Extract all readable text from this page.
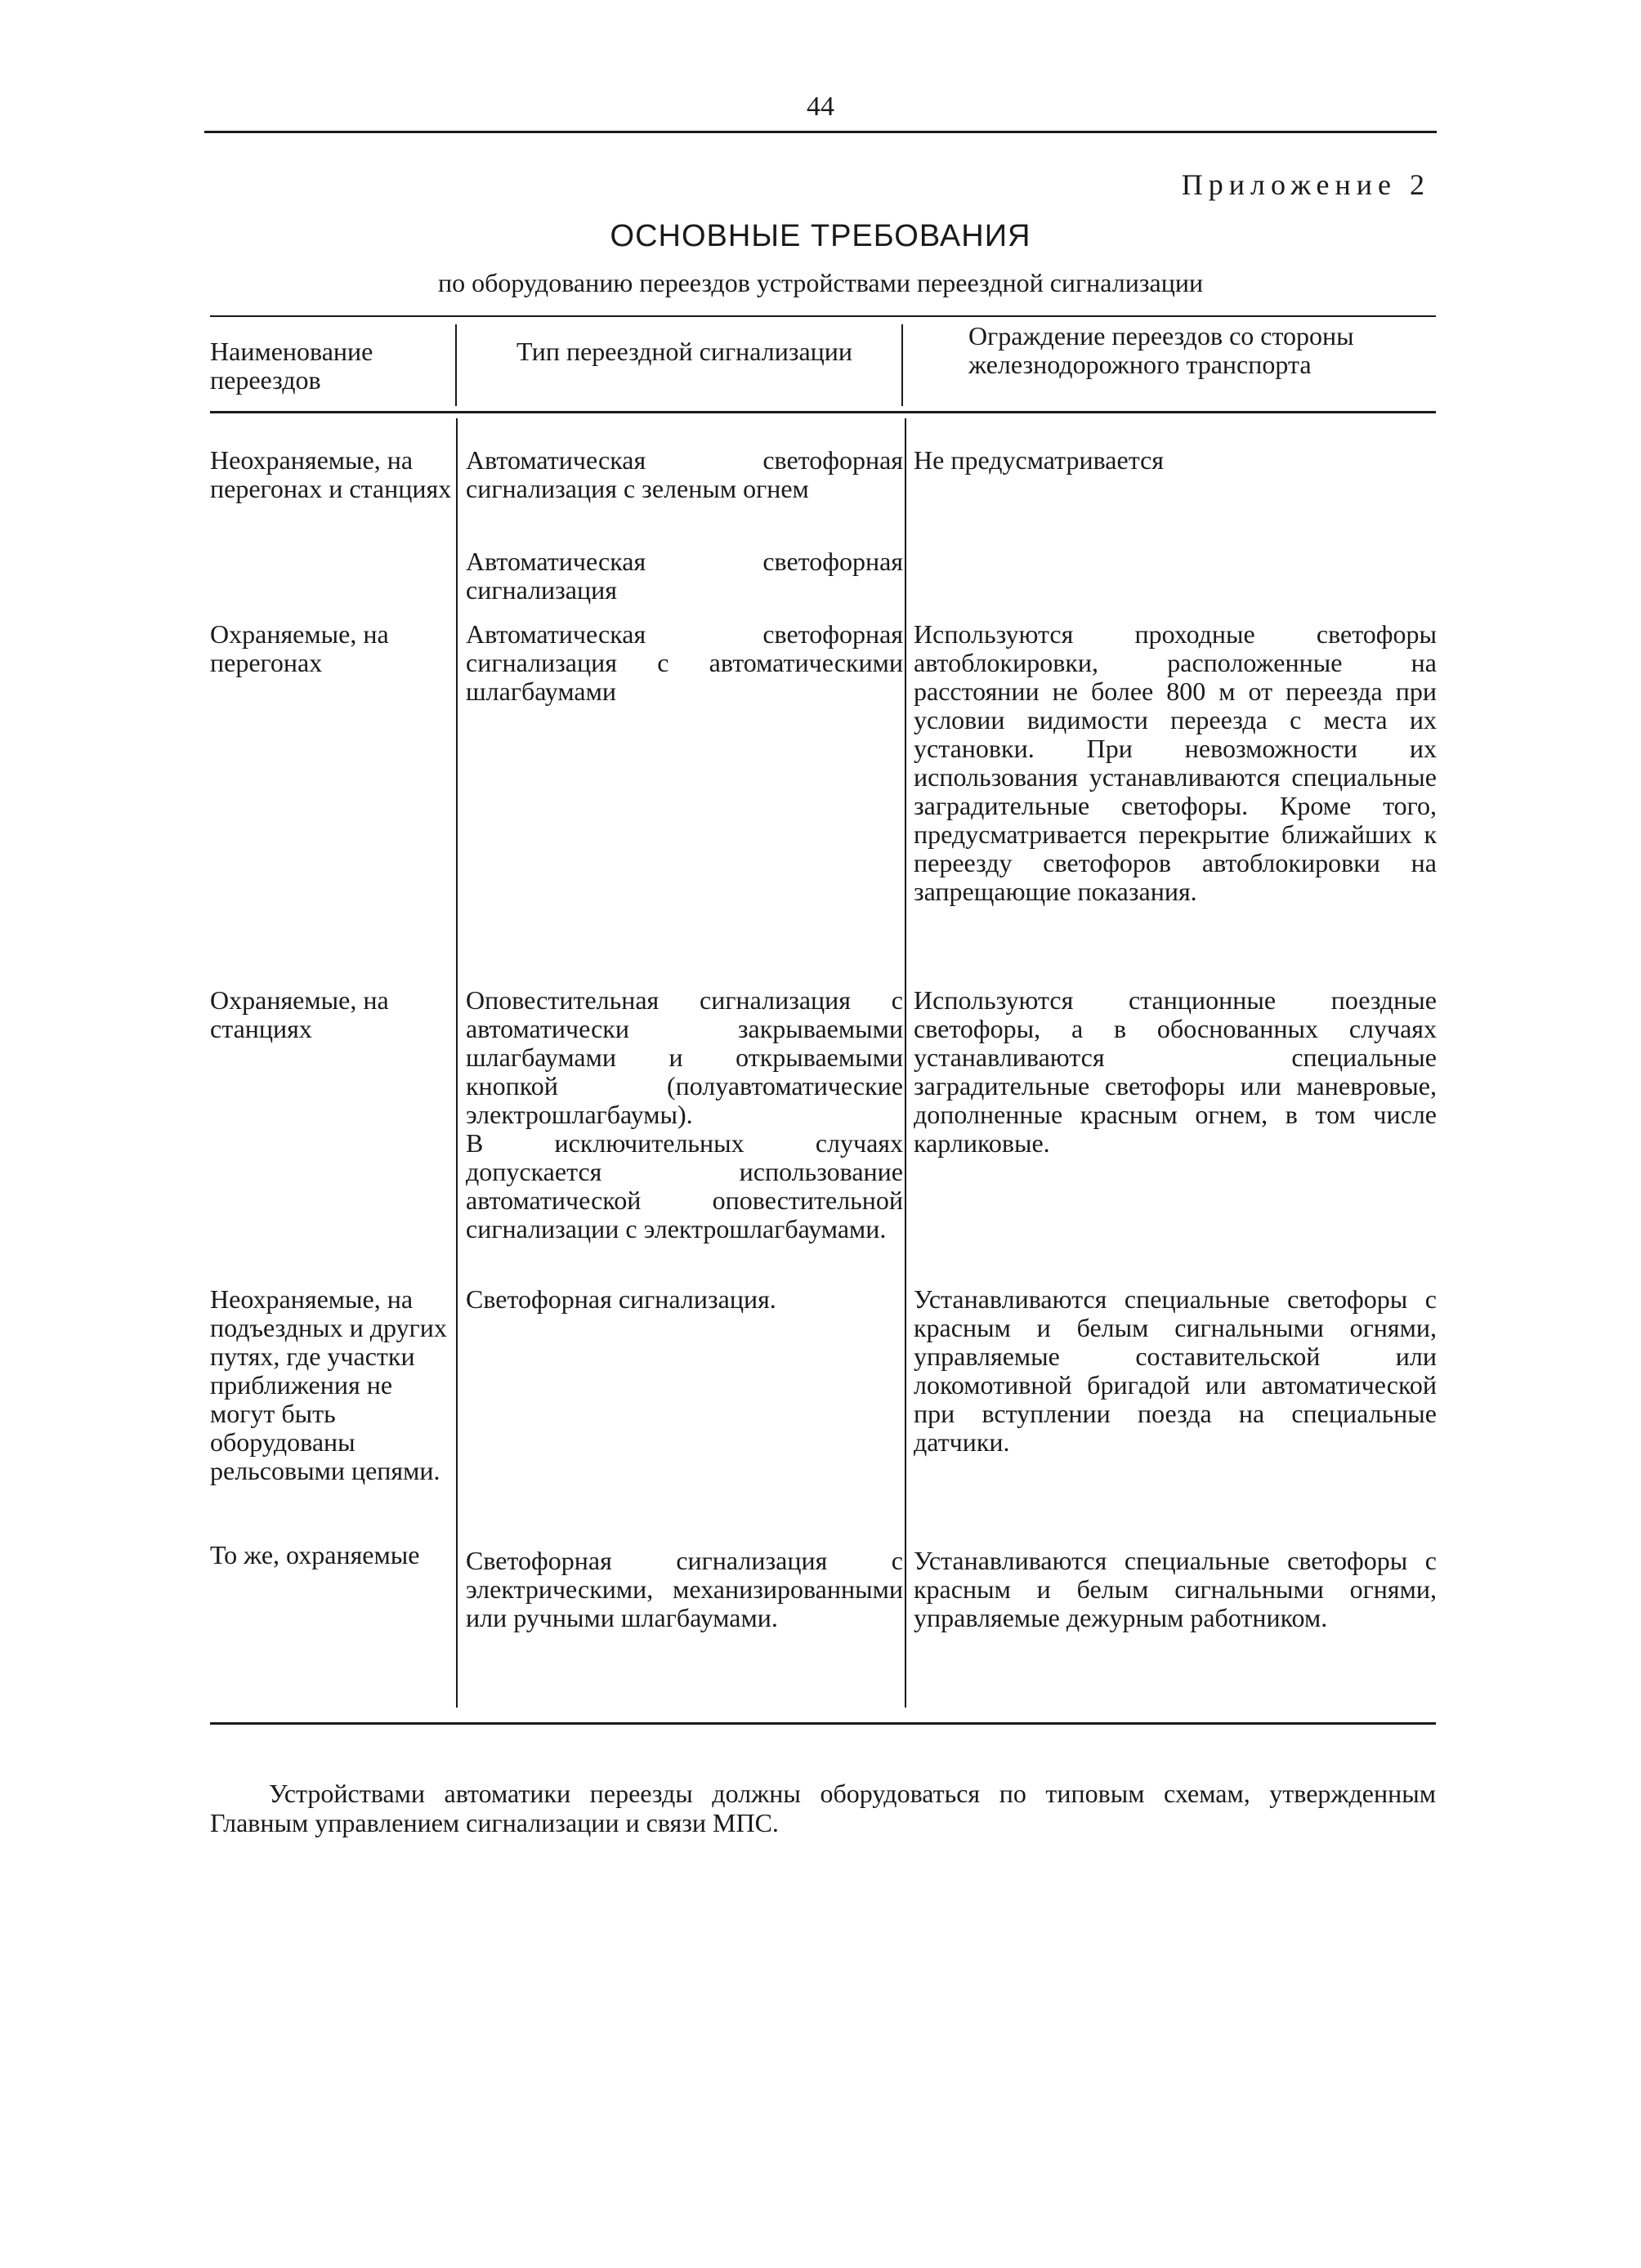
44
Приложение 2
ОСНОВНЫЕ ТРЕБОВАНИЯ
по оборудованию переездов устройствами переездной сигнализации
Наименование переездов
Тип переездной сигнализации
Ограждение переездов со стороны железнодорожного транспорта
Неохраняемые, на перегонах и станциях
Автоматическая светофорная сигнализация с зеленым огнем
Автоматическая светофорная сигнализация
Не предусматривается
Охраняемые, на перегонах
Автоматическая светофорная сигнализация с автоматическими шлагбаумами
Используются проходные светофоры автоблокировки, расположенные на расстоянии не более 800 м от переезда при условии видимости переезда с места их установки. При невозможности их использования устанавливаются специальные заградительные светофоры. Кроме того, предусматривается перекрытие ближайших к переезду светофоров автоблокировки на запрещающие показания.
Охраняемые, на станциях
Оповестительная сигнализация с автоматически закрываемыми шлагбаумами и открываемыми кнопкой (полуавтоматические электрошлагбаумы).
В исключительных случаях допускается использование автоматической оповестительной сигнализации с электрошлагбаумами.
Используются станционные поездные светофоры, а в обоснованных случаях устанавливаются специальные заградительные светофоры или маневровые, дополненные красным огнем, в том числе карликовые.
Неохраняемые, на подъездных и других путях, где участки приближения не могут быть оборудованы рельсовыми цепями.
Светофорная сигнализация.	Устанавливаются специальные светофоры с красным и белым сигнальными огнями, управляемые составительской или локомотивной бригадой или автоматической при вступлении поезда на специальные датчики.
То же, охраняемые	Светофорная сигнализация с электрическими, механизированными или ручными шлагбаумами.
Устанавливаются специальные светофоры с красным и белым сигнальными огнями, управляемые дежурным работником.
Устройствами автоматики переезды должны оборудоваться по типовым схемам, утвержденным Главным управлением сигнализации и связи МПС.
